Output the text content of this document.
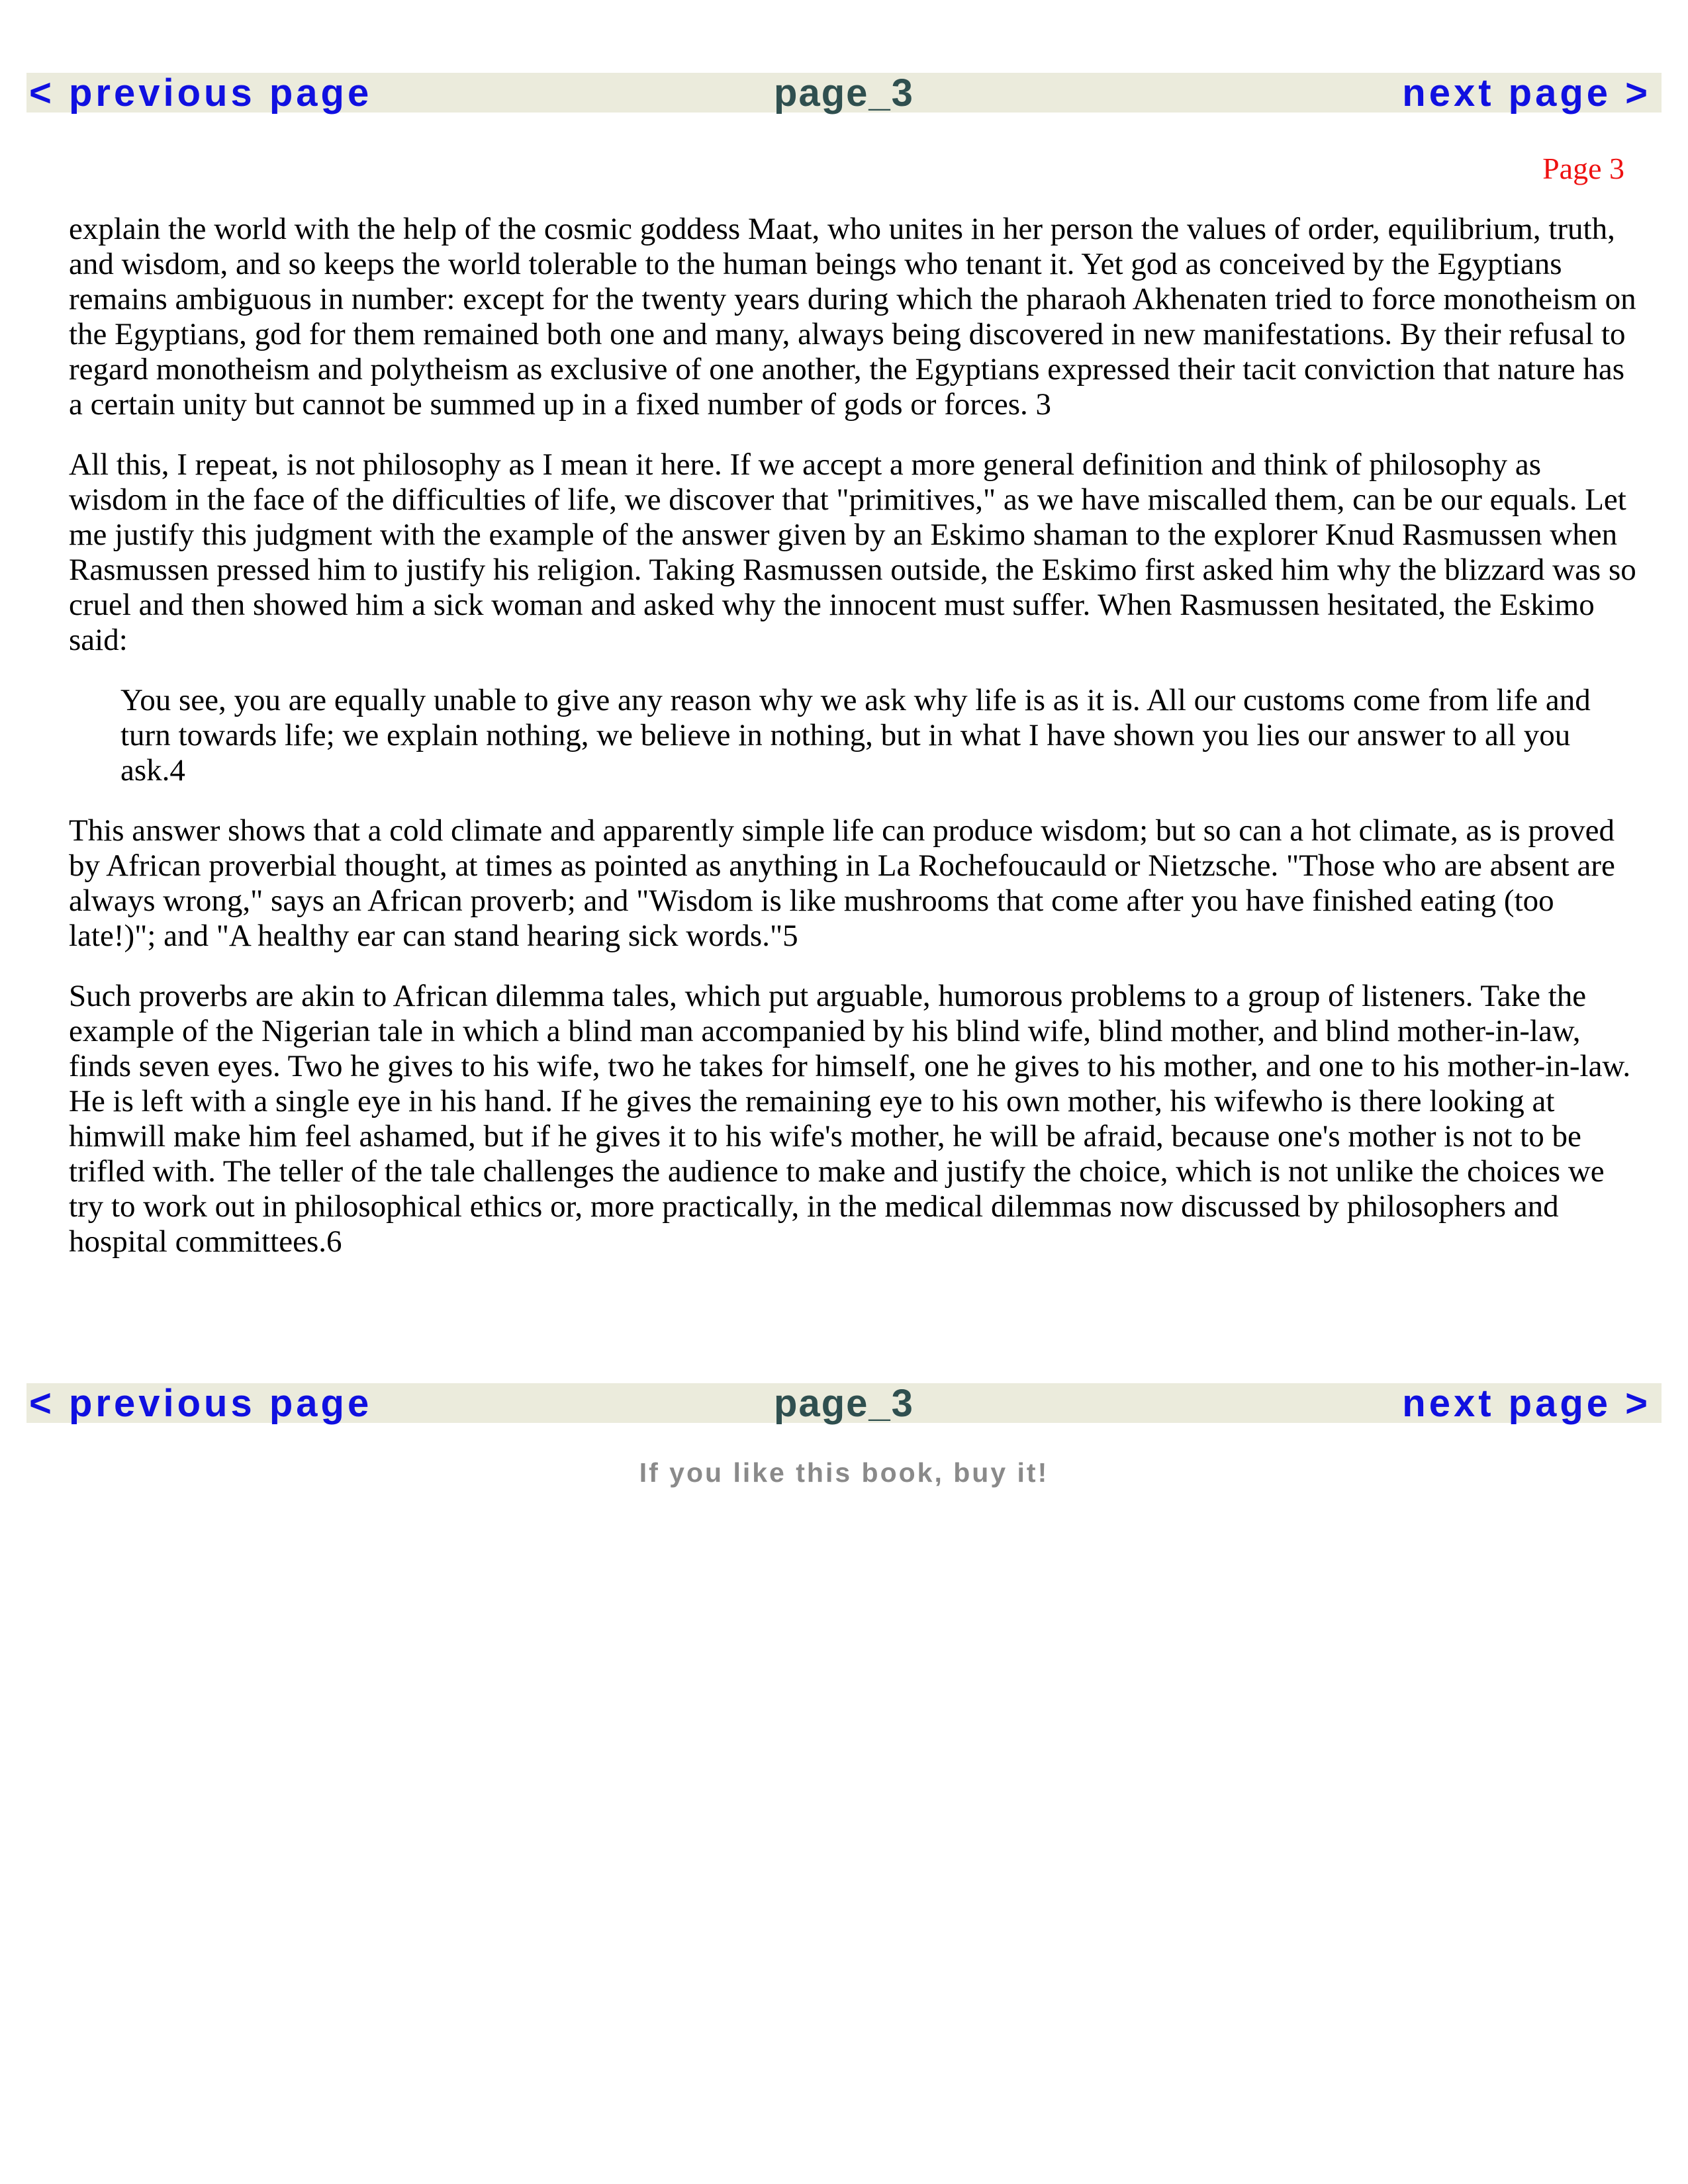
< previous page	page_3	next page >
Page 3

explain the world with the help of the cosmic goddess Maat, who unites in her person the values of order, equilibrium, truth, and wisdom, and so keeps the world tolerable to the human beings who tenant it. Yet god as conceived by the Egyptians remains ambiguous in number: except for the twenty years during which the pharaoh Akhenaten tried to force monotheism on the Egyptians, god for them remained both one and many, always being discovered in new manifestations. By their refusal to regard monotheism and polytheism as exclusive of one another, the Egyptians expressed their tacit conviction that nature has a certain unity but cannot be summed up in a fixed number of gods or forces. 3

All this, I repeat, is not philosophy as I mean it here. If we accept a more general definition and think of philosophy as wisdom in the face of the difficulties of life, we discover that "primitives," as we have miscalled them, can be our equals. Let me justify this judgment with the example of the answer given by an Eskimo shaman to the explorer Knud Rasmussen when Rasmussen pressed him to justify his religion. Taking Rasmussen outside, the Eskimo first asked him why the blizzard was so cruel and then showed him a sick woman and asked why the innocent must suffer. When Rasmussen hesitated, the Eskimo said:

You see, you are equally unable to give any reason why we ask why life is as it is. All our customs come from life and turn towards life; we explain nothing, we believe in nothing, but in what I have shown you lies our answer to all you ask.4

This answer shows that a cold climate and apparently simple life can produce wisdom; but so can a hot climate, as is proved by African proverbial thought, at times as pointed as anything in La Rochefoucauld or Nietzsche. "Those who are absent are always wrong," says an African proverb; and "Wisdom is like mushrooms that come after you have finished eating (too late!)"; and "A healthy ear can stand hearing sick words."5

Such proverbs are akin to African dilemma tales, which put arguable, humorous problems to a group of listeners. Take the example of the Nigerian tale in which a blind man accompanied by his blind wife, blind mother, and blind mother-in-law, finds seven eyes. Two he gives to his wife, two he takes for himself, one he gives to his mother, and one to his mother-in-law. He is left with a single eye in his hand. If he gives the remaining eye to his own mother, his wifewho is there looking at himwill make him feel ashamed, but if he gives it to his wife's mother, he will be afraid, because one's mother is not to be trifled with. The teller of the tale challenges the audience to make and justify the choice, which is not unlike the choices we try to work out in philosophical ethics or, more practically, in the medical dilemmas now discussed by philosophers and hospital committees.6

< previous page	page_3	next page >
If you like this book, buy it!
